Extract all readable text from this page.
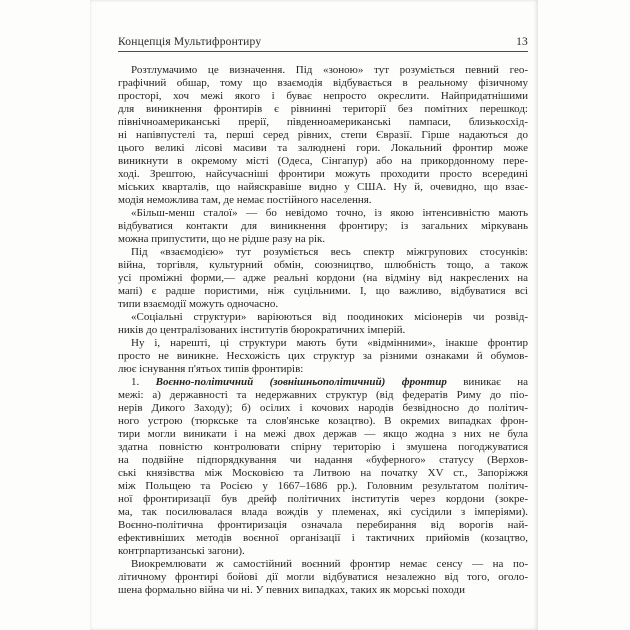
Концепція Мультифронтиру	13
Розтлумачимо це визначення. Під «зоною» тут розуміється певний гео-
графічний обшар, тому що взаємодія відбувається в реальному фізичному
просторі, хоч межі якого і буває непросто окреслити. Найпридатнішими
для виникнення фронтирів є рівнинні території без помітних перешкод:
північноамериканські прерії, південноамериканські пампаси, близькосхід-
ні напівпустелі та, перші серед рівних, степи Євразії. Гірше надаються до
цього великі лісові масиви та залюднені гори. Локальний фронтир може
виникнути в окремому місті (Одеса, Сінгапур) або на прикордонному пере-
ході. Зрештою, найсучасніші фронтири можуть проходити просто всередині
міських кварталів, що найяскравіше видно у США. Ну й, очевидно, що взає-
модія неможлива там, де немає постійного населення.
«Більш-менш сталої» — бо невідомо точно, із якою інтенсивністю мають
відбуватися контакти для виникнення фронтиру; із загальних міркувань
можна припустити, що не рідше разу на рік.
Під «взаємодією» тут розуміється весь спектр міжгрупових стосунків:
війна, торгівля, культурний обмін, союзництво, шлюбність тощо, а також
усі проміжні форми,— адже реальні кордони (на відміну від накреслених на
мапі) є радше пористими, ніж суцільними. І, що важливо, відбуватися всі
типи взаємодії можуть одночасно.
«Соціальні структури» варіюються від поодиноких місіонерів чи розвід-
ників до централізованих інститутів бюрократичних імперій.
Ну і, нарешті, ці структури мають бути «відмінними», інакше фронтир
просто не виникне. Несхожість цих структур за різними ознаками й обумов-
лює існування п'ятьох типів фронтирів:
1. Воєнно-політичний (зовнішньополітичний) фронтир виникає на
межі: а) державності та недержавних структур (від федератів Риму до піо-
нерів Дикого Заходу); б) осілих і кочових народів безвідносно до політич-
ного устрою (тюркське та слов'янське козацтво). В окремих випадках фрон-
тири могли виникати і на межі двох держав — якщо жодна з них не була
здатна повністю контролювати спірну територію і змушена погоджуватися
на подвійне підпорядкування чи надання «буферного» статусу (Верхов-
ські князівства між Московією та Литвою на початку XV ст., Запоріжжя
між Польщею та Росією у 1667–1686 рр.). Головним результатом політич-
ної фронтиризації був дрейф політичних інститутів через кордони (зокре-
ма, так посилювалася влада вождів у племенах, які сусідили з імперіями).
Воєнно-політична фронтиризація означала перебирання від ворогів най-
ефективніших методів воєнної організації і тактичних прийомів (козацтво,
контрпартизанські загони).
Виокремлювати ж самостійний воєнний фронтир немає сенсу — на по-
літичному фронтирі бойові дії могли відбуватися незалежно від того, оголо-
шена формально війна чи ні. У певних випадках, таких як морські походи
